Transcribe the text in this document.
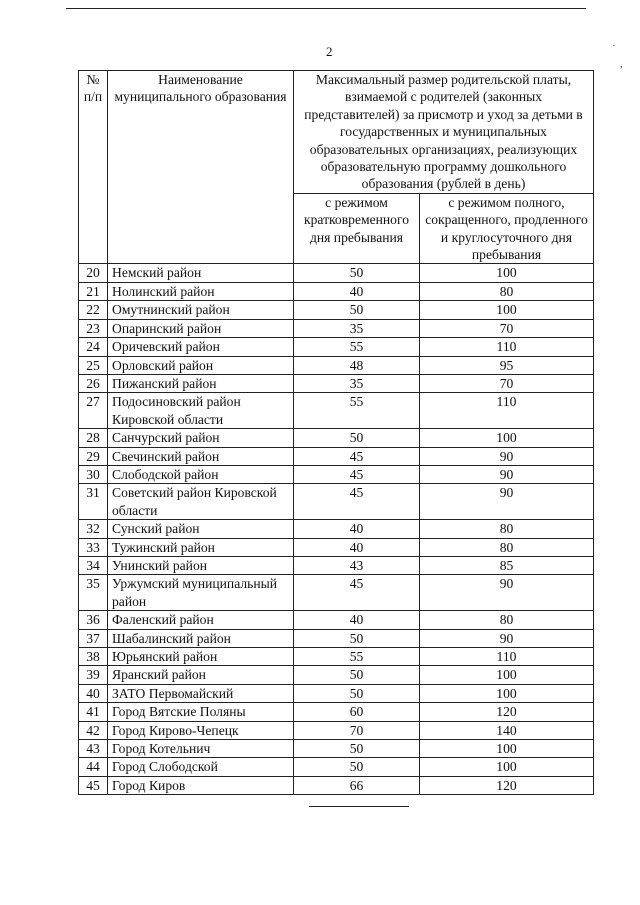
2	·
,
№ п/п	Наименование муниципального образования	Максимальный размер родительской платы, взимаемой с родителей (законных представителей) за присмотр и уход за детьми в государственных и муниципальных образовательных организациях, реализующих образовательную программу дошкольного образования (рублей в день)	
		с режимом кратковременного дня пребывания	с режимом полного, сокращенного, продленного и круглосуточного дня пребывания
20	Немский район	50	100
21	Нолинский район	40	80
22	Омутнинский район	50	100
23	Опаринский район	35	70
24	Оричевский район	55	110
25	Орловский район	48	95
26	Пижанский район	35	70
27	Подосиновский район Кировской области	55	110
28	Санчурский район	50	100
29	Свечинский район	45	90
30	Слободской район	45	90
31	Советский район Кировской области	45	90
32	Сунский район	40	80
33	Тужинский район	40	80
34	Унинский район	43	85
35	Уржумский муниципальный район	45	90
36	Фаленский район	40	80
37	Шабалинский район	50	90
38	Юрьянский район	55	110
39	Яранский район	50	100
40	ЗАТО Первомайский	50	100
41	Город Вятские Поляны	60	120
42	Город Кирово-Чепецк	70	140
43	Город Котельнич	50	100
44	Город Слободской	50	100
45	Город Киров	66	120
